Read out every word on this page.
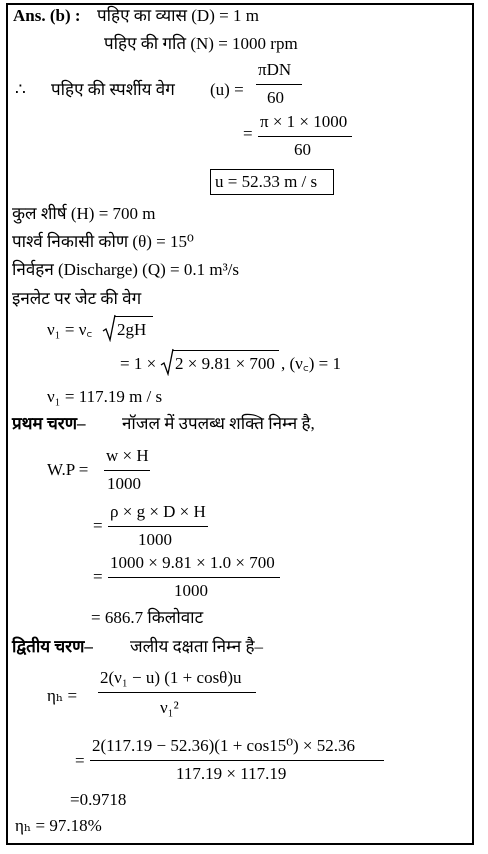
Ans. (b) : पहिए का व्यास (D) = 1 m
पहिए की गति (N) = 1000 rpm
∴ पहिए की स्पर्शीय वेग (u) =
πDN
60
=
π × 1 × 1000
60
u = 52.33 m / s
कुल शीर्ष (H) = 700 m
पार्श्व निकासी कोण (θ) = 15⁰
निर्वहन (Discharge) (Q) = 0.1 m³/s
इनलेट पर जेट की वेग
ν₁ = ν꜀ 2gH
= 1 × 2 × 9.81 × 700 , (ν꜀) = 1
ν₁ = 117.19 m / s
प्रथम चरण– नॉजल में उपलब्ध शक्ति निम्न है,
W.P =
w × H
1000
=
ρ × g × D × H
1000
=
1000 × 9.81 × 1.0 × 700
1000
= 686.7 किलोवाट
द्वितीय चरण– जलीय दक्षता निम्न है–
ηₕ =
2(ν₁ − u) (1 + cosθ)u
ν₁²
=
2(117.19 − 52.36)(1 + cos15⁰) × 52.36
117.19 × 117.19
=0.9718
ηₕ = 97.18%
